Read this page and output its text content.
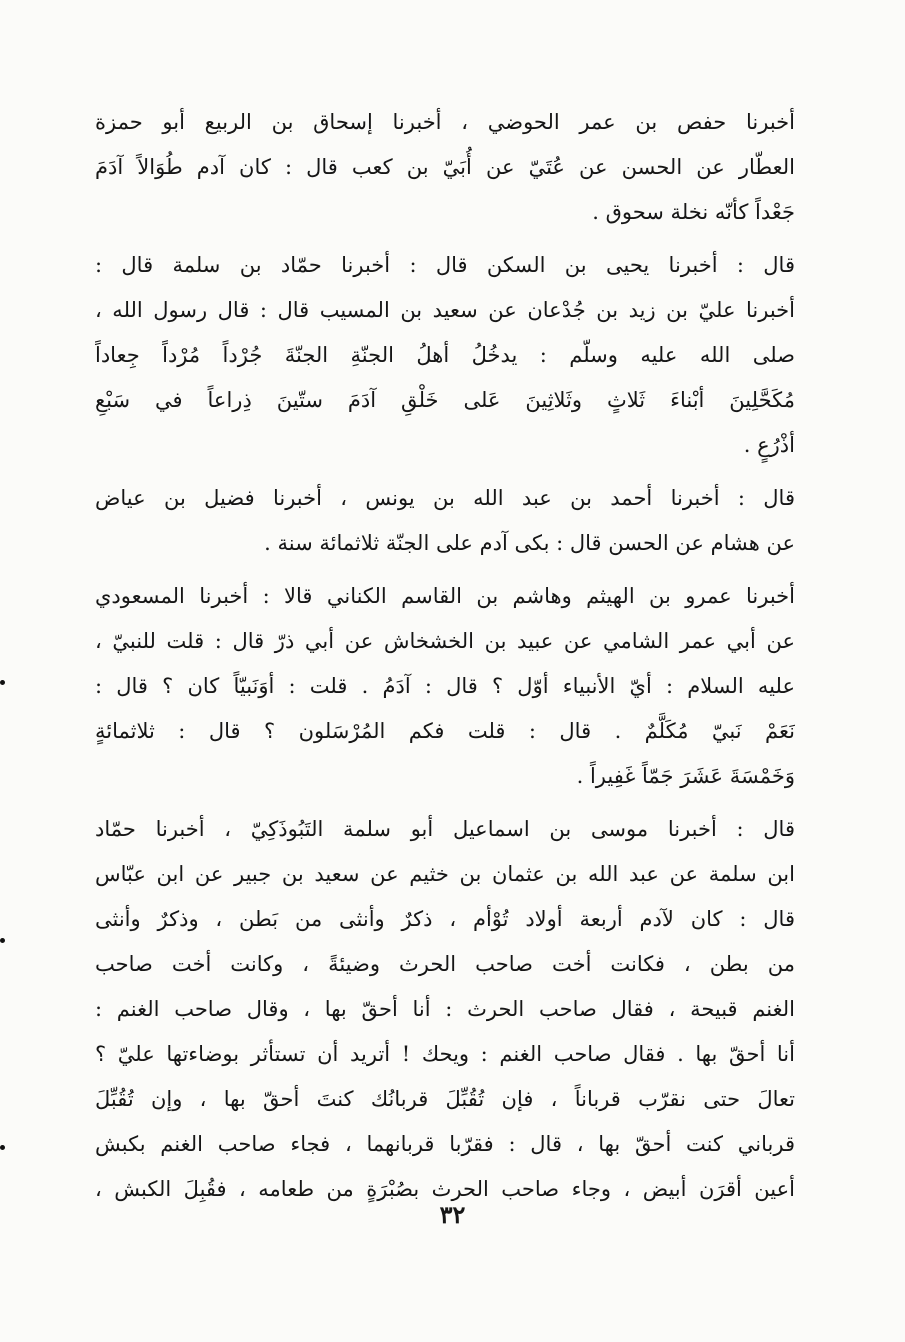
أخبرنا حفص بن عمر الحوضي ، أخبرنا إسحاق بن الربيع أبو حمزة
العطّار عن الحسن عن عُتَيّ عن أُبَيّ بن كعب قال : كان آدم طُوَالاً آدَمَ
جَعْداً كأنّه نخلة سحوق .
قال : أخبرنا يحيى بن السكن قال : أخبرنا حمّاد بن سلمة قال :
أخبرنا عليّ بن زيد بن جُدْعان عن سعيد بن المسيب قال : قال رسول الله ،
صلى الله عليه وسلّم : يدخُلُ أهلُ الجنّةِ الجنّةَ جُرْداً مُرْداً جِعاداً
مُكَحَّلِينَ أبْناءَ ثَلاثٍ وثَلاثِينَ عَلى خَلْقِ آدَمَ ستّينَ ذِراعاً في سَبْعِ
أذْرُعٍ .
قال : أخبرنا أحمد بن عبد الله بن يونس ، أخبرنا فضيل بن عياض
عن هشام عن الحسن قال : بكى آدم على الجنّة ثلاثمائة سنة .
أخبرنا عمرو بن الهيثم وهاشم بن القاسم الكناني قالا : أخبرنا المسعودي
عن أبي عمر الشامي عن عبيد بن الخشخاش عن أبي ذرّ قال : قلت للنبيّ ،
عليه السلام : أيّ الأنبياء أوّل ؟ قال : آدَمُ . قلت : أوَنَبيّاً كان ؟ قال :
نَعَمْ نَبيّ مُكَلَّمٌ . قال : قلت فكم المُرْسَلون ؟ قال : ثلاثمائةٍ
وَخَمْسَةَ عَشَرَ جَمّاً غَفِيراً .
قال : أخبرنا موسى بن اسماعيل أبو سلمة التَبُوذَكِيّ ، أخبرنا حمّاد
ابن سلمة عن عبد الله بن عثمان بن خثيم عن سعيد بن جبير عن ابن عبّاس
قال : كان لآدم أربعة أولاد تُوْأم ، ذكرٌ وأنثى من بَطن ، وذكرٌ وأنثى
من بطن ، فكانت أخت صاحب الحرث وضيئةً ، وكانت أخت صاحب
الغنم قبيحة ، فقال صاحب الحرث : أنا أحقّ بها ، وقال صاحب الغنم :
أنا أحقّ بها . فقال صاحب الغنم : ويحك ! أتريد أن تستأثر بوضاءتها عليّ ؟
تعالَ حتى نقرّب قرباناً ، فإن تُقُبِّلَ قربانُك كنتَ أحقّ بها ، وإن تُقُبِّلَ
قرباني كنت أحقّ بها ، قال : فقرّبا قربانهما ، فجاء صاحب الغنم بكبش
أعين أقرَن أبيض ، وجاء صاحب الحرث بصُبْرَةٍ من طعامه ، فقُبِلَ الكبش ،
٣٢
